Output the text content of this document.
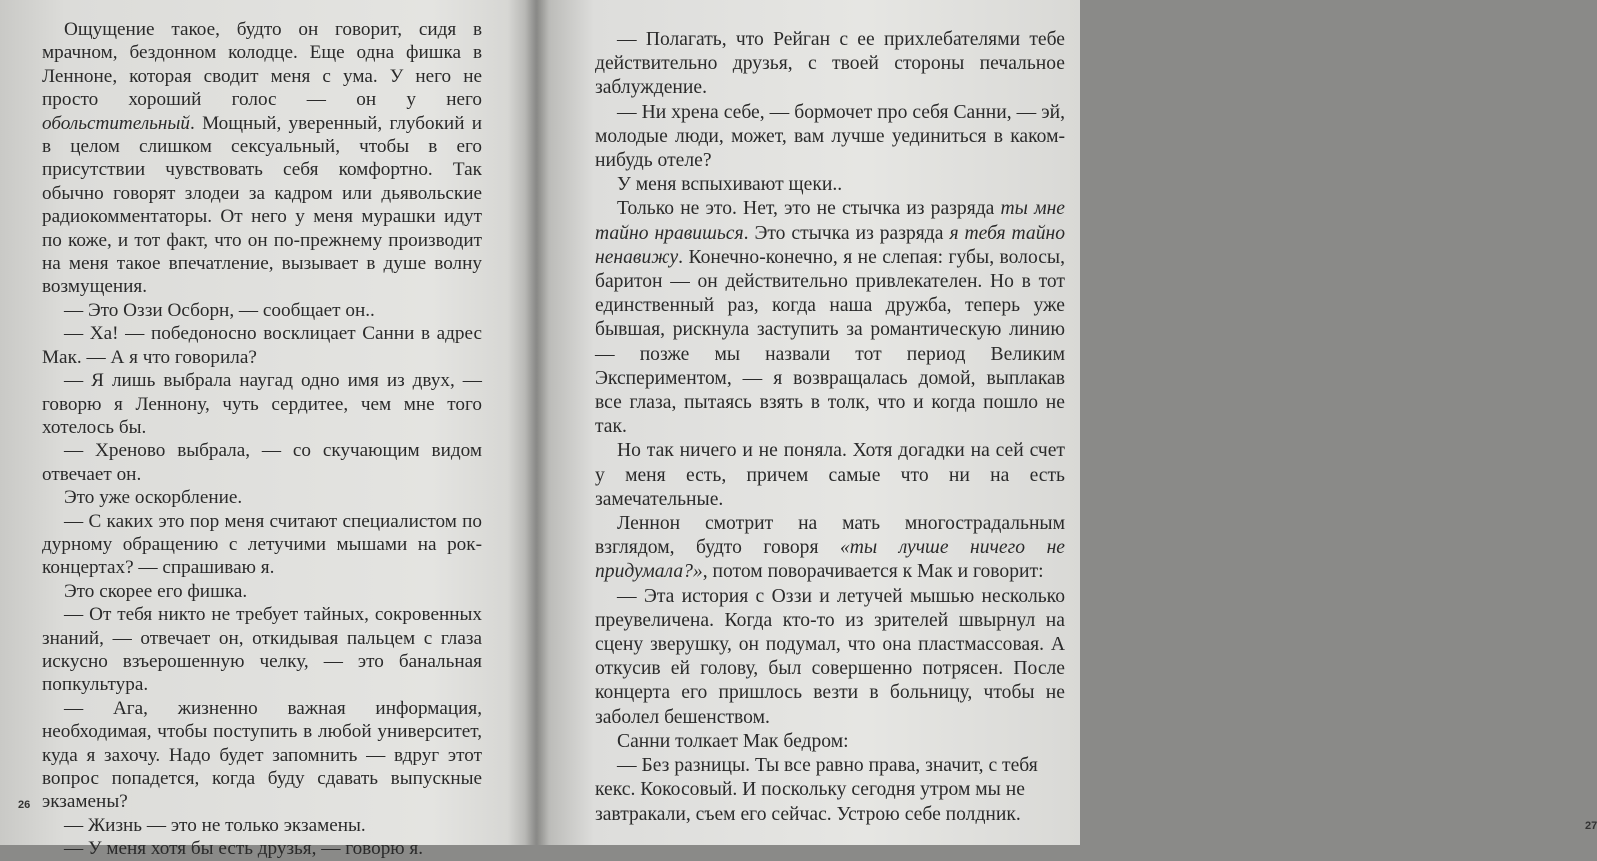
Ощущение такое, будто он говорит, сидя в мрачном, бездонном колодце. Еще одна фишка в Ленноне, которая сводит меня с ума. У него не просто хороший голос — он у него обольстительный. Мощный, уверенный, глубокий и в целом слишком сексуальный, чтобы в его присутствии чувствовать себя комфортно. Так обычно говорят злодеи за кадром или дьявольские радиокомментаторы. От него у меня мурашки идут по коже, и тот факт, что он по-прежнему производит на меня такое впечатление, вызывает в душе волну возмущения.

— Это Оззи Осборн, — сообщает он..

— Ха! — победоносно восклицает Санни в адрес Мак. — А я что говорила?

— Я лишь выбрала наугад одно имя из двух, — говорю я Леннону, чуть сердитее, чем мне того хотелось бы.

— Хреново выбрала, — со скучающим видом отвечает он.

Это уже оскорбление.

— С каких это пор меня считают специалистом по дурному обращению с летучими мышами на рок-концертах? — спрашиваю я.

Это скорее его фишка.

— От тебя никто не требует тайных, сокровенных знаний, — отвечает он, откидывая пальцем с глаза искусно взъерошенную челку, — это банальная попкультура.

— Ага, жизненно важная информация, необходимая, чтобы поступить в любой университет, куда я захочу. Надо будет запомнить — вдруг этот вопрос попадется, когда буду сдавать выпускные экзамены?

— Жизнь — это не только экзамены.

— У меня хотя бы есть друзья, — говорю я.

26

— Полагать, что Рейган с ее прихлебателями тебе действительно друзья, с твоей стороны печальное заблуждение.

— Ни хрена себе, — бормочет про себя Санни, — эй, молодые люди, может, вам лучше уединиться в каком-нибудь отеле?

У меня вспыхивают щеки..

Только не это. Нет, это не стычка из разряда ты мне тайно нравишься. Это стычка из разряда я тебя тайно ненавижу. Конечно-конечно, я не слепая: губы, волосы, баритон — он действительно привлекателен. Но в тот единственный раз, когда наша дружба, теперь уже бывшая, рискнула заступить за романтическую линию — позже мы назвали тот период Великим Экспериментом, — я возвращалась домой, выплакав все глаза, пытаясь взять в толк, что и когда пошло не так.

Но так ничего и не поняла. Хотя догадки на сей счет у меня есть, причем самые что ни на есть замечательные.

Леннон смотрит на мать многострадальным взглядом, будто говоря «ты лучше ничего не придумала?», потом поворачивается к Мак и говорит:

— Эта история с Оззи и летучей мышью несколько преувеличена. Когда кто-то из зрителей швырнул на сцену зверушку, он подумал, что она пластмассовая. А откусив ей голову, был совершенно потрясен. После концерта его пришлось везти в больницу, чтобы не заболел бешенством.

Санни толкает Мак бедром:

— Без разницы. Ты все равно права, значит, с тебя кекс. Кокосовый. И поскольку сегодня утром мы не завтракали, съем его сейчас. Устрою себе полдник.

27
